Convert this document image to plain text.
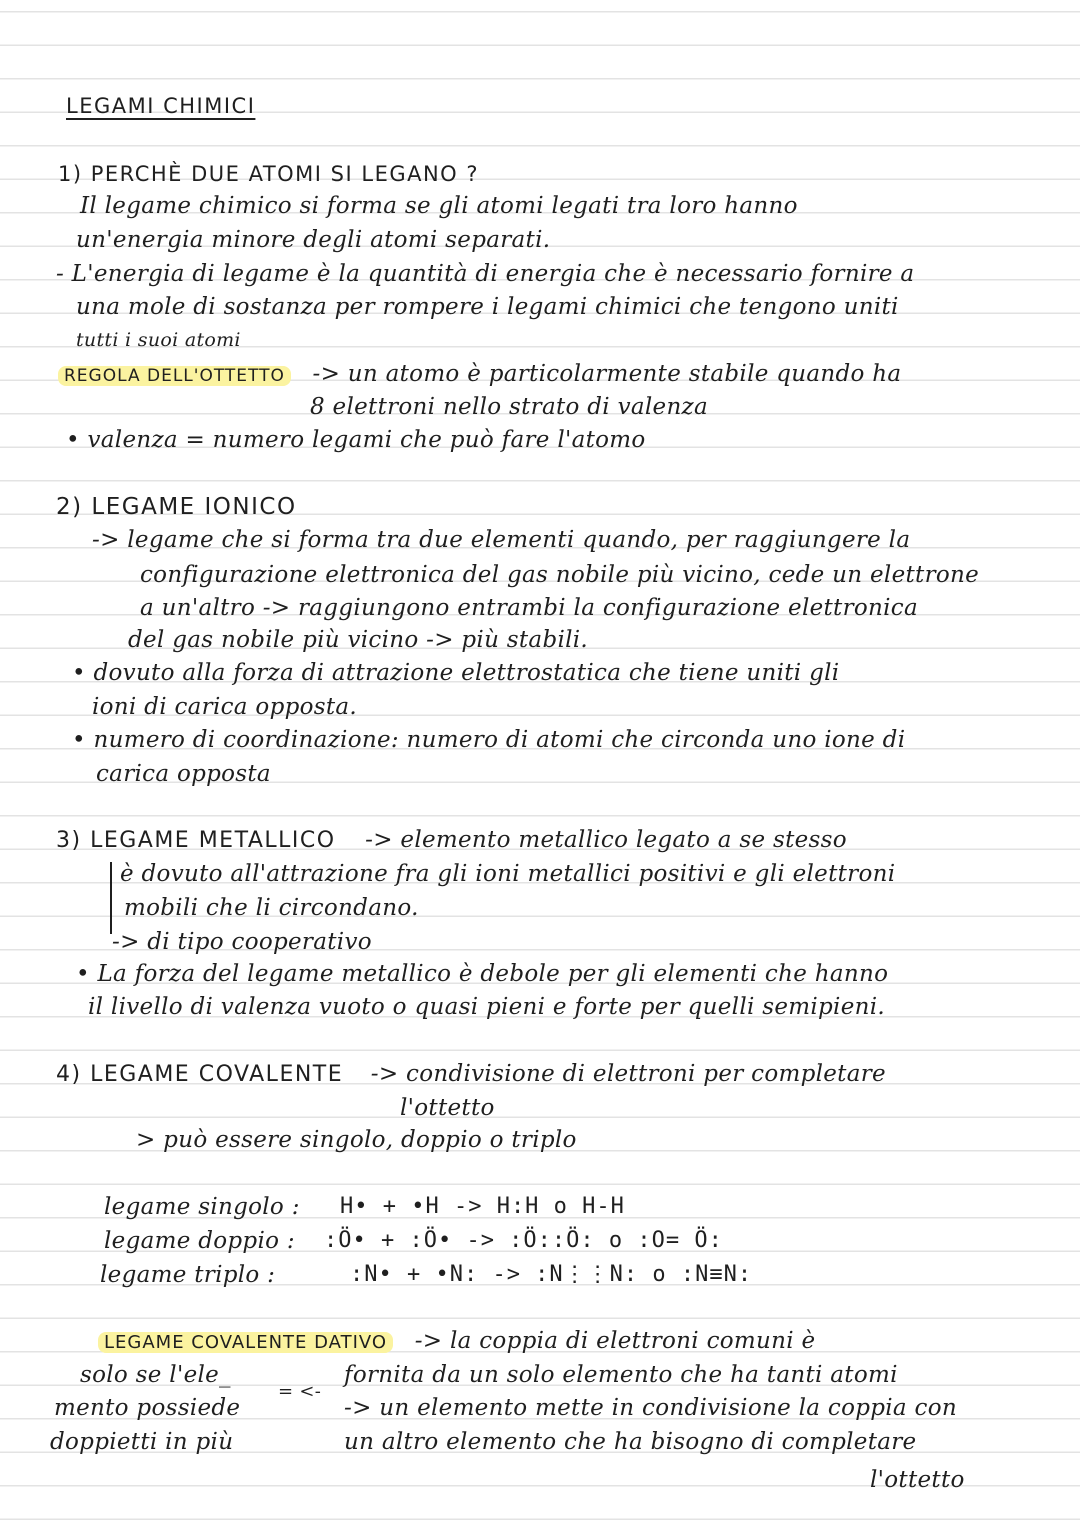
LEGAMI CHIMICI
1) PERCHÈ DUE ATOMI SI LEGANO ?
Il legame chimico si forma se gli atomi legati tra loro hanno
un'energia minore degli atomi separati.
- L'energia di legame è la quantità di energia che è necessario fornire a
una mole di sostanza per rompere i legami chimici che tengono uniti
tutti i suoi atomi
REGOLA DELL'OTTETTO -> un atomo è particolarmente stabile quando ha
8 elettroni nello strato di valenza
• valenza = numero legami che può fare l'atomo
2) LEGAME IONICO
-> legame che si forma tra due elementi quando, per raggiungere la
configurazione elettronica del gas nobile più vicino, cede un elettrone
a un'altro -> raggiungono entrambi la configurazione elettronica
del gas nobile più vicino -> più stabili.
• dovuto alla forza di attrazione elettrostatica che tiene uniti gli
ioni di carica opposta.
• numero di coordinazione: numero di atomi che circonda uno ione di
carica opposta
3) LEGAME METALLICO -> elemento metallico legato a se stesso
è dovuto all'attrazione fra gli ioni metallici positivi e gli elettroni
mobili che li circondano.
-> di tipo cooperativo
• La forza del legame metallico è debole per gli elementi che hanno
il livello di valenza vuoto o quasi pieni e forte per quelli semipieni.
4) LEGAME COVALENTE -> condivisione di elettroni per completare
l'ottetto
> può essere singolo, doppio o triplo
legame singolo : H• + •H -> H:H o H-H
legame doppio : :Ö• + :Ö• -> :Ö::Ö: o :O= Ö:
legame triplo :	:N• + •N: -> :N⋮⋮N: o :N≡N:
LEGAME COVALENTE DATIVO -> la coppia di elettroni comuni è
solo se l'ele_	fornita da un solo elemento che ha tanti atomi
= <-
mento possiede	-> un elemento mette in condivisione la coppia con
doppietti in più	un altro elemento che ha bisogno di completare
l'ottetto
